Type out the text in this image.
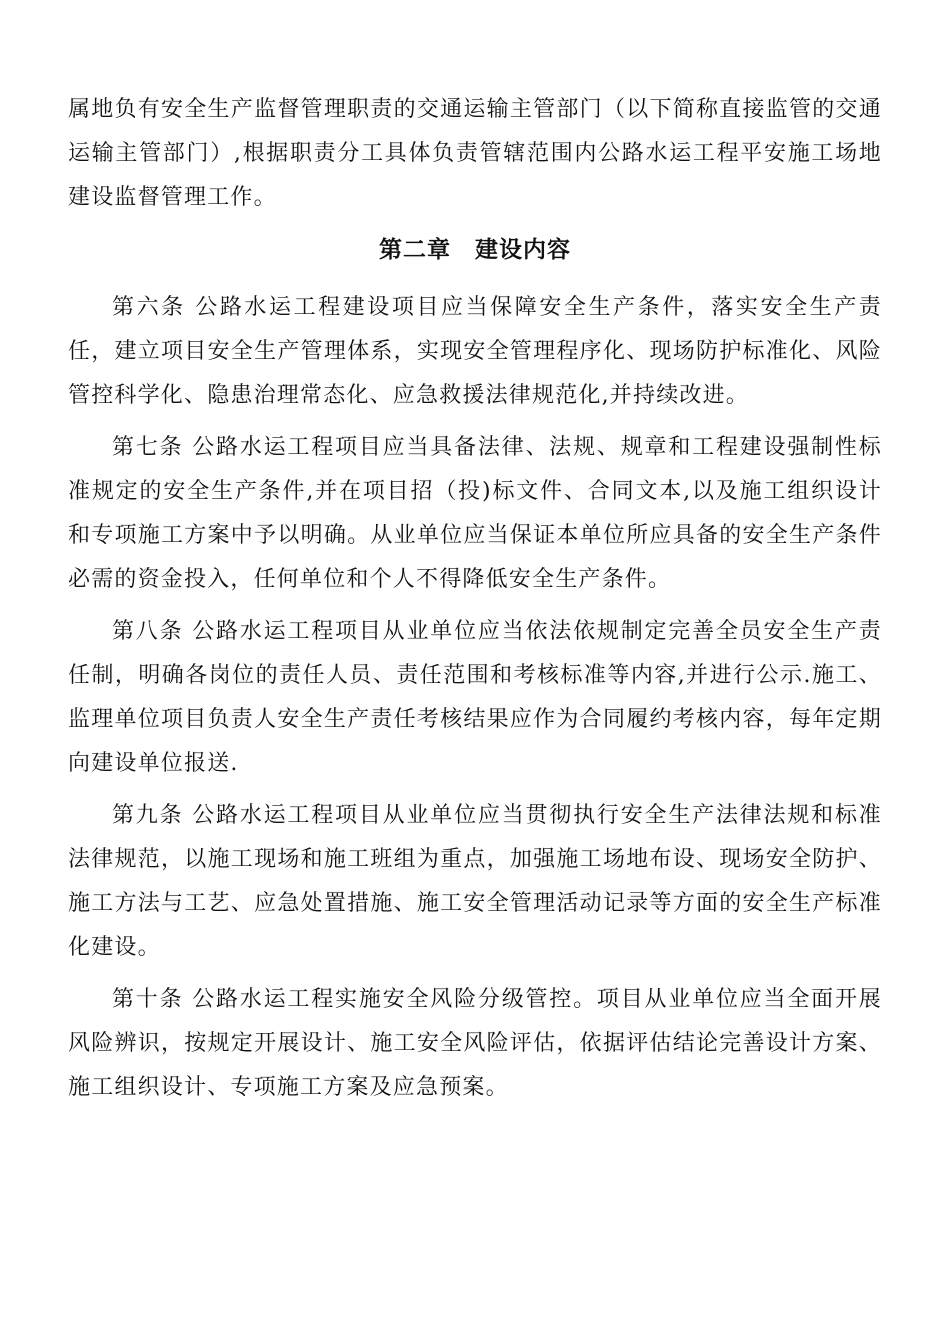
属地负有安全生产监督管理职责的交通运输主管部门（以下简称直接监管的交通运输主管部门）,根据职责分工具体负责管辖范围内公路水运工程平安施工场地建设监督管理工作。

第二章　建设内容

第六条 公路水运工程建设项目应当保障安全生产条件，落实安全生产责任，建立项目安全生产管理体系，实现安全管理程序化、现场防护标准化、风险管控科学化、隐患治理常态化、应急救援法律规范化,并持续改进。

第七条 公路水运工程项目应当具备法律、法规、规章和工程建设强制性标准规定的安全生产条件,并在项目招（投)标文件、合同文本,以及施工组织设计和专项施工方案中予以明确。从业单位应当保证本单位所应具备的安全生产条件必需的资金投入，任何单位和个人不得降低安全生产条件。

第八条 公路水运工程项目从业单位应当依法依规制定完善全员安全生产责任制，明确各岗位的责任人员、责任范围和考核标准等内容,并进行公示.施工、监理单位项目负责人安全生产责任考核结果应作为合同履约考核内容，每年定期向建设单位报送.

第九条 公路水运工程项目从业单位应当贯彻执行安全生产法律法规和标准法律规范，以施工现场和施工班组为重点，加强施工场地布设、现场安全防护、施工方法与工艺、应急处置措施、施工安全管理活动记录等方面的安全生产标准化建设。

第十条 公路水运工程实施安全风险分级管控。项目从业单位应当全面开展风险辨识，按规定开展设计、施工安全风险评估，依据评估结论完善设计方案、施工组织设计、专项施工方案及应急预案。
